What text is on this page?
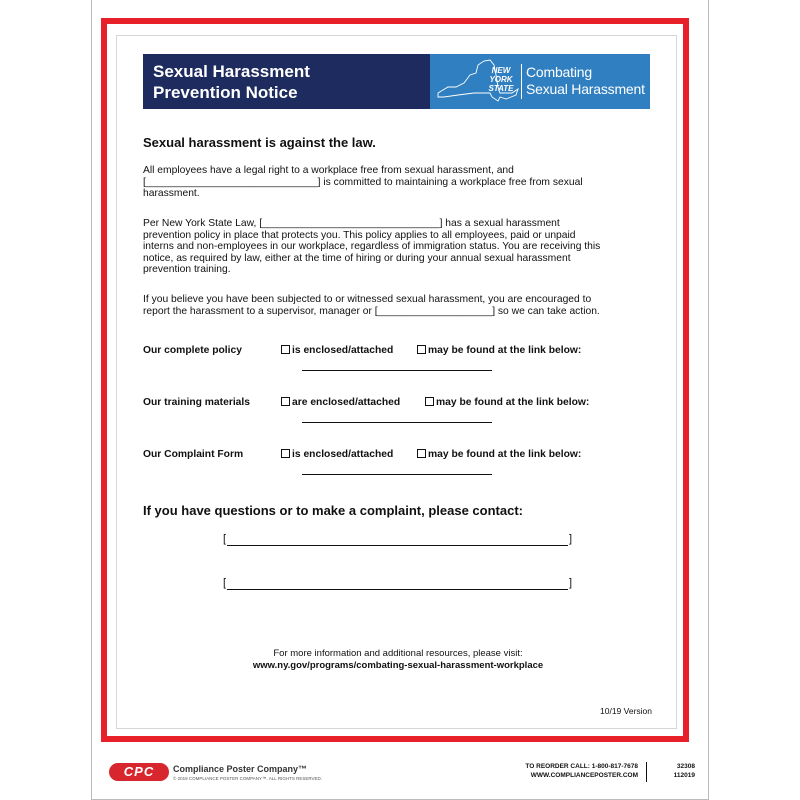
Sexual Harassment
Prevention Notice
NEW
YORK
STATE
Combating
Sexual Harassment
Sexual harassment is against the law.
All employees have a legal right to a workplace free from sexual harassment, and
[______________________________] is committed to maintaining a workplace free from sexual
harassment.
Per New York State Law, [_______________________________] has a sexual harassment
prevention policy in place that protects you. This policy applies to all employees, paid or unpaid
interns and non-employees in our workplace, regardless of immigration status. You are receiving this
notice, as required by law, either at the time of hiring or during your annual sexual harassment
prevention training.
If you believe you have been subjected to or witnessed sexual harassment, you are encouraged to
report the harassment to a supervisor, manager or [____________________] so we can take action.
Our complete policy	is enclosed/attached	may be found at the link below:
Our training materials	are enclosed/attached	may be found at the link below:
Our Complaint Form	is enclosed/attached	may be found at the link below:
If you have questions or to make a complaint, please contact:
[	]
[	]
For more information and additional resources, please visit:
www.ny.gov/programs/combating-sexual-harassment-workplace
10/19 Version
CPC	Compliance Poster Company™
© 2019 COMPLIANCE POSTER COMPANY™. ALL RIGHTS RESERVED.
TO REORDER CALL: 1-800-817-7678
WWW.COMPLIANCEPOSTER.COM
32308
112019
